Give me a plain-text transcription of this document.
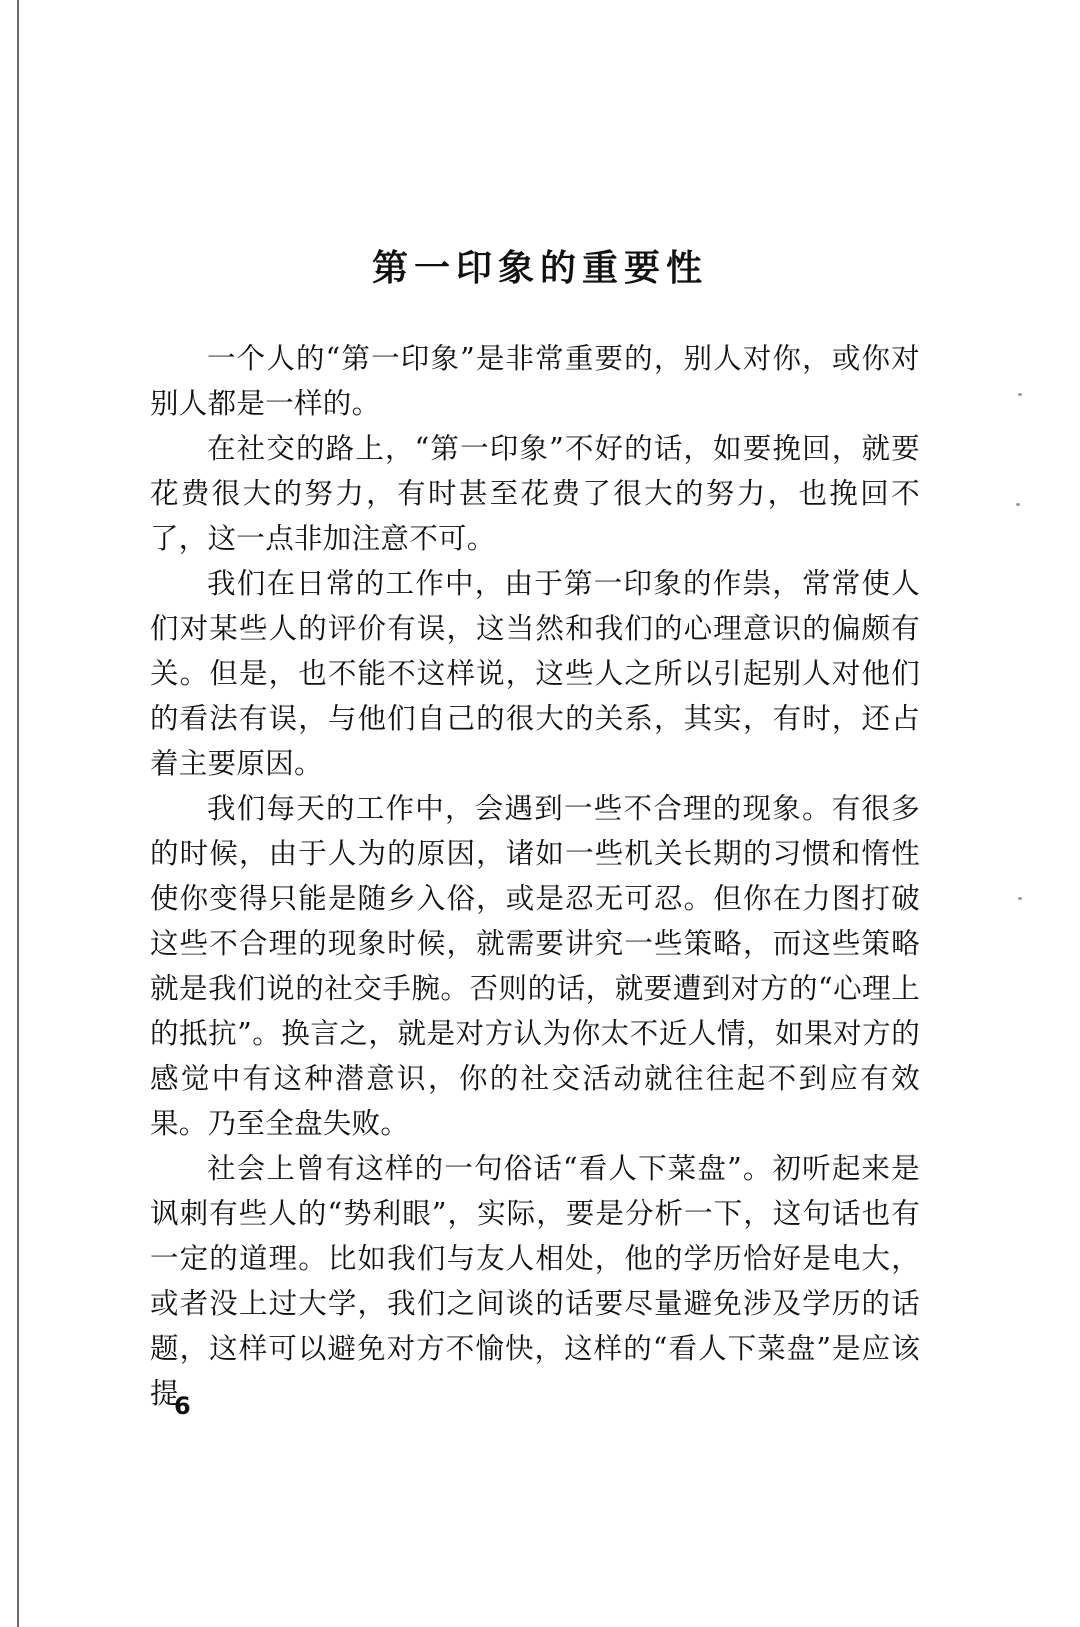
第一印象的重要性

一个人的“第一印象”是非常重要的，别人对你，或你对别人都是一样的。

在社交的路上，“第一印象”不好的话，如要挽回，就要花费很大的努力，有时甚至花费了很大的努力，也挽回不了，这一点非加注意不可。

我们在日常的工作中，由于第一印象的作祟，常常使人们对某些人的评价有误，这当然和我们的心理意识的偏颇有关。但是，也不能不这样说，这些人之所以引起别人对他们的看法有误，与他们自己的很大的关系，其实，有时，还占着主要原因。

我们每天的工作中，会遇到一些不合理的现象。有很多的时候，由于人为的原因，诸如一些机关长期的习惯和惰性使你变得只能是随乡入俗，或是忍无可忍。但你在力图打破这些不合理的现象时候，就需要讲究一些策略，而这些策略就是我们说的社交手腕。否则的话，就要遭到对方的“心理上的抵抗”。换言之，就是对方认为你太不近人情，如果对方的感觉中有这种潜意识，你的社交活动就往往起不到应有效果。乃至全盘失败。

社会上曾有这样的一句俗话“看人下菜盘”。初听起来是讽刺有些人的“势利眼”，实际，要是分析一下，这句话也有一定的道理。比如我们与友人相处，他的学历恰好是电大，或者没上过大学，我们之间谈的话要尽量避免涉及学历的话题，这样可以避免对方不愉快，这样的“看人下菜盘”是应该提

6
